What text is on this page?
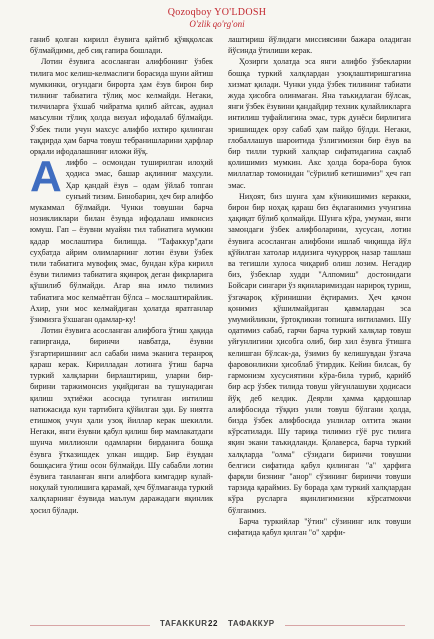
Qozoqboy YO'LDOSH
O'zlik qo'rg'oni

ганиб қолган кирилл ёзувига қайтиб қўяққолсак бўлмайдими, деб сиқ гапира бошлади.

Лотин ёзувига асосланган алифбонинг ўзбек тилига мос келиш-келмаслиги борасида шуни айтиш мумкинки, оғундаги бирорта ҳам ёзув бирон бир тилнинг табиатига тўлиқ мос келмайди. Негаки, тилчиларга ўхшаб чийратма қилиб айтсак, аудиал маъсулни тўлиқ ҳолда визуал ифодалаб бўлмайди. Ўзбек тили учун махсус алифбо ихтиро қилинган тақдирда ҳам барча товуш тебранишларини ҳарфлар орқали ифодалашнинг иложи йўқ.

А лифбо – осмондан туширилган илоҳий ҳодиса эмас, башар ақлининг маҳсули. Ҳар қандай ёзув – одам ўйлаб топган сунъий тизим. Бинобарин, ҳеч бир алифбо мукаммал бўлмайди. Чунки товушни барча нозикликлари билан ёзувда ифодалаш имконсиз юмуш. Гап – ёзувни муайян тил табиатига мумкин қадар мослаштира билишда. "Тафаккур"даги суҳбатда айрим олимларнинг лотин ёзуви ўзбек тили табиатига мувофиқ эмас, бундан кўра кирилл ёзуви тилимиз табиатига яқинроқ деган фикрларига қўшилиб бўлмайди. Агар яна имло тилимиз табиатига мос келмаётган бўлса – мослаштирайлик. Ахир, уни мос келмайдиган ҳолатда яратганлар ўзимизга ўхшаган одамлар-ку!

Лотин ёзувига асосланган алифбога ўтиш ҳақида гапирганда, биринчи навбатда, ёзувни ўзгартиришнинг асл сабаби нима эканига теранроқ қараш керак. Кирилладан лотинга ўтиш барча туркий халқларни бирлаштириш, уларни бир-бирини таржимонсиз уқийдиган ва тушунадиган қилиш эҳтиёжи асосида туғилган интилиш натижасида кун тартибига қўйилган эди. Бу ниятга етишмоқ учун ҳали узоқ йиллар керак шекилли. Негаки, янги ёзувни қабул қилиш бир мамлакатдаги шунча миллионли одамларни бирданига бошқа ёзувга ўтказишдек улкан ишдир. Бир ёзувдан бошқасига ўтиш осон бўлмайди. Шу сабабли лотин ёзувига танланган янги алифбога кимгадир кулай-ноқулай туюлишига қарамай, ҳеч бўлмаганда туркий халқларнинг ёзувида маълум даражадаги яқинлик ҳосил бўлади.

лаштириш йўлидаги миссиясини бажара оладиган йўсинда ўтилиши керак.

Ҳозирги ҳолатда эса янги алифбо ўзбекларни бошқа туркий халқлардан узоқлаштиришгагина хизмат қилади. Чунки унда ўзбек тилининг табиати жуда ҳисобга олинмаган. Яна таъкидлаган бўлсак, янги ўзбек ёзувини қандайдир техник қулайликларга интилиш туфайлигина эмас, турк дунёси бирлигига эришишдек орзу сабаб ҳам пайдо бўлди. Негаки, глобаллашув шароитида ўзлигимизни бир ёзув ва бир тилли туркий халқлар сифатидагина сақлаб қолишимиз мумкин. Акс ҳолда бора-бора буюк миллатлар томонидан "сўрилиб кетишимиз" ҳеч гап эмас.

Ниҳоят, биз шунга ҳам кўникишимиз керакки, бирон бир ноҳақ қараш биз ёқлаганимиз учунгина ҳақиқат бўлиб қолмайди. Шунга кўра, умуман, янги замондаги ўзбек алифболарини, хусусан, лотин ёзувига асосланган алифбони ишлаб чиқишда йўл қўйилган хатолар илдизига чуқурроқ назар ташлаш ва тегишли хулоса чиқариб олиш лозим. Негадир биз, ўзбеклар худди "Алпомиш" достонидаги Бойсари сингари ўз яқинларимиздан нарироқ туриш, ўзгачароқ кўринишни ёқтирамиз. Ҳеч қачон қонимиз қўшилмайдиган қавмлардан эса умумийликни, ўртоқликни топишга интиламиз. Шу одатимиз сабаб, гарчи барча туркий халқлар товуш уйғунлигини ҳисобга олиб, бир хил ёзувга ўтишга келишган бўлсак-да, ўзимиз бу келишувдан ўзгача фаровонликни ҳисоблаб ўтирдик. Кейин билсак, бу гармонизм хусусиятини кўра-била туриб, қарийб бир аср ўзбек тилида товуш уйғунлашуви ҳодисаси йўқ деб келдик. Деярли ҳамма қардошлар алифбосида тўққиз унли товуш бўлгани ҳолда, бизда ўзбек алифбосида унлилар олтита экани кўрсатилади. Шу тариқа тилимиз гўё рус тилига яқин экани таъкидланди. Қолаверса, барча туркий халқларда "олма" сўзидаги биринчи товушни белгиси сифатида қабул қилинган "а" ҳарфига фарқли бизнинг "анор" сўзининг биринчи товуши тарзида қараймиз. Бу борада ҳам туркий халқлардан кўра русларга яқинлигимизни кўрсатмокчи бўлганмиз.

Барча туркийлар "ўтин" сўзининг илк товуши сифатида қабул қилган "о" ҳарфи-

ТАFAKKUR 22 ТАФАККУР
